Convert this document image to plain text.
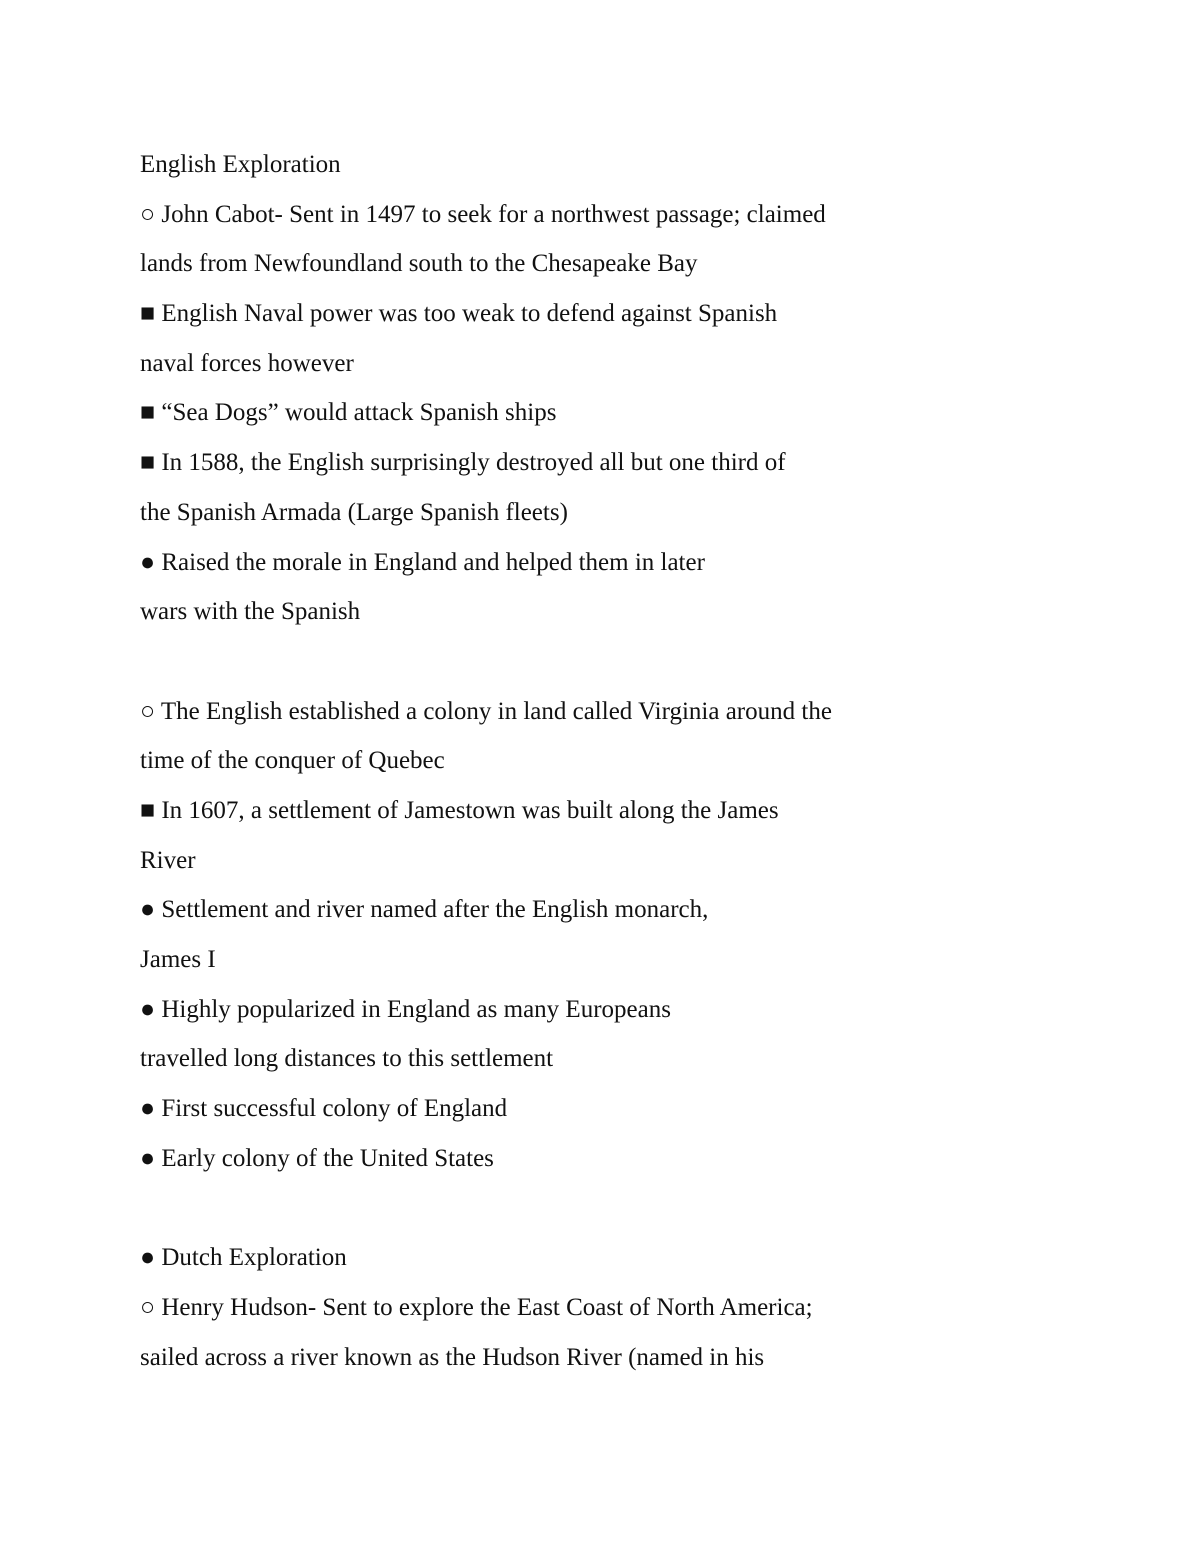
English Exploration
○ John Cabot- Sent in 1497 to seek for a northwest passage; claimed
lands from Newfoundland south to the Chesapeake Bay
■ English Naval power was too weak to defend against Spanish
naval forces however
■ “Sea Dogs” would attack Spanish ships
■ In 1588, the English surprisingly destroyed all but one third of
the Spanish Armada (Large Spanish fleets)
● Raised the morale in England and helped them in later
wars with the Spanish
○ The English established a colony in land called Virginia around the
time of the conquer of Quebec
■ In 1607, a settlement of Jamestown was built along the James
River
● Settlement and river named after the English monarch,
James I
● Highly popularized in England as many Europeans
travelled long distances to this settlement
● First successful colony of England
● Early colony of the United States
● Dutch Exploration
○ Henry Hudson- Sent to explore the East Coast of North America;
sailed across a river known as the Hudson River (named in his
